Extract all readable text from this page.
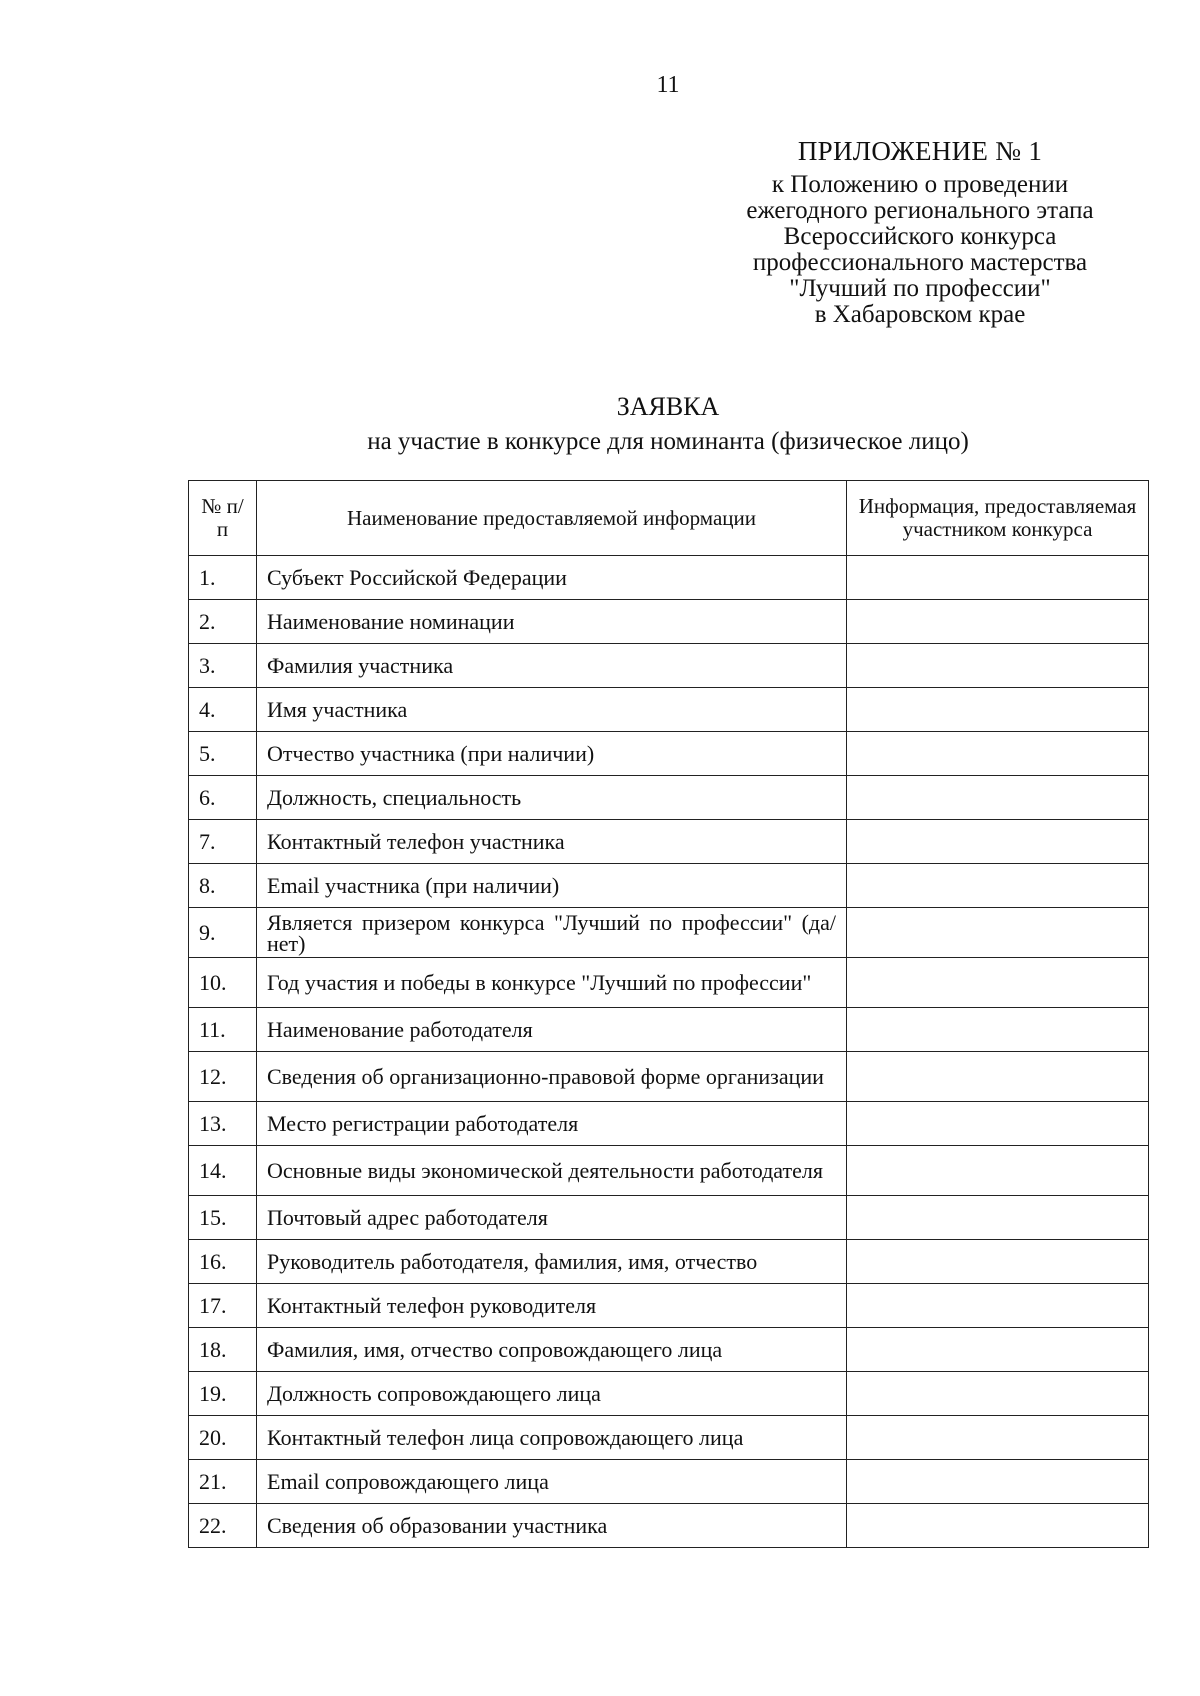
11
ПРИЛОЖЕНИЕ № 1
к Положению о проведении
ежегодного регионального этапа
Всероссийского конкурса
профессионального мастерства
"Лучший по профессии"
в Хабаровском крае
ЗАЯВКА
на участие в конкурсе для номинанта (физическое лицо)
№ п/п	Наименование предоставляемой информации	Информация, предоставляемая участником конкурса
1.	Субъект Российской Федерации	
2.	Наименование номинации	
3.	Фамилия участника	
4.	Имя участника	
5.	Отчество участника (при наличии)	
6.	Должность, специальность	
7.	Контактный телефон участника	
8.	Email участника (при наличии)	
9.	Является призером конкурса "Лучший по профессии" (да/нет)	
10.	Год участия и победы в конкурсе "Лучший по профессии"	
11.	Наименование работодателя	
12.	Сведения об организационно-правовой форме организации	
13.	Место регистрации работодателя	
14.	Основные виды экономической деятельности работодателя	
15.	Почтовый адрес работодателя	
16.	Руководитель работодателя, фамилия, имя, отчество	
17.	Контактный телефон руководителя	
18.	Фамилия, имя, отчество сопровождающего лица	
19.	Должность сопровождающего лица	
20.	Контактный телефон лица сопровождающего лица	
21.	Email сопровождающего лица	
22.	Сведения об образовании участника	
